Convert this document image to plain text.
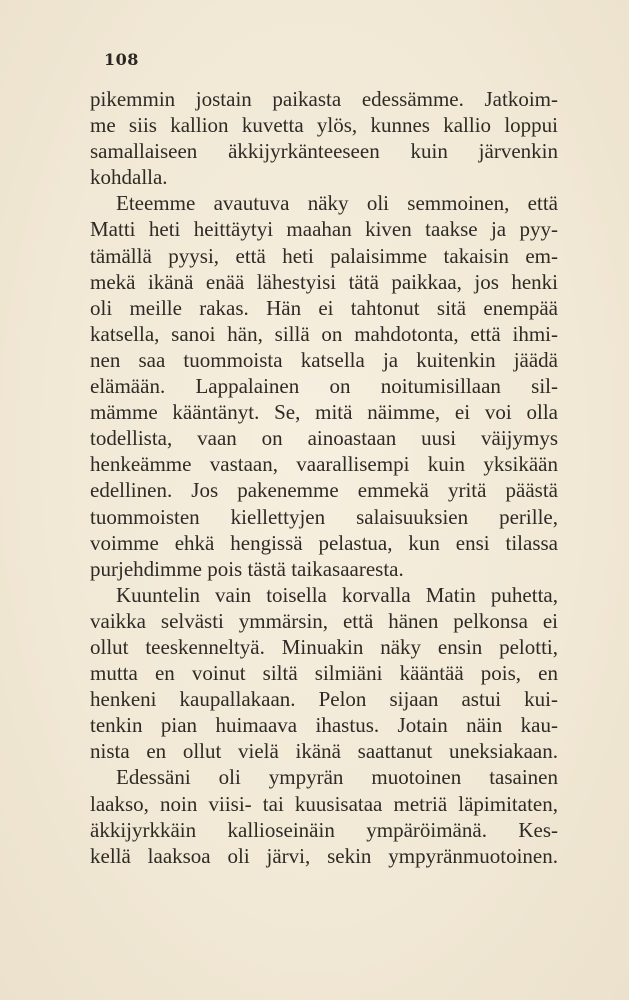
108

pikemmin jostain paikasta edessämme. Jatkoim-
me siis kallion kuvetta ylös, kunnes kallio loppui
samallaiseen äkkijyrkänteeseen kuin järvenkin
kohdalla.

Eteemme avautuva näky oli semmoinen, että
Matti heti heittäytyi maahan kiven taakse ja pyy-
tämällä pyysi, että heti palaisimme takaisin em-
mekä ikänä enää lähestyisi tätä paikkaa, jos henki
oli meille rakas. Hän ei tahtonut sitä enempää
katsella, sanoi hän, sillä on mahdotonta, että ihmi-
nen saa tuommoista katsella ja kuitenkin jäädä
elämään. Lappalainen on noitumisillaan sil-
mämme kääntänyt. Se, mitä näimme, ei voi olla
todellista, vaan on ainoastaan uusi väijymys
henkeämme vastaan, vaarallisempi kuin yksikään
edellinen. Jos pakenemme emmekä yritä päästä
tuommoisten kiellettyjen salaisuuksien perille,
voimme ehkä hengissä pelastua, kun ensi tilassa
purjehdimme pois tästä taikasaaresta.

Kuuntelin vain toisella korvalla Matin puhetta,
vaikka selvästi ymmärsin, että hänen pelkonsa ei
ollut teeskenneltyä. Minuakin näky ensin pelotti,
mutta en voinut siltä silmiäni kääntää pois, en
henkeni kaupallakaan. Pelon sijaan astui kui-
tenkin pian huimaava ihastus. Jotain näin kau-
nista en ollut vielä ikänä saattanut uneksiakaan.

Edessäni oli ympyrän muotoinen tasainen
laakso, noin viisi- tai kuusisataa metriä läpimitaten,
äkkijyrkkäin kallioseinäin ympäröimänä. Kes-
kellä laaksoa oli järvi, sekin ympyränmuotoinen.
